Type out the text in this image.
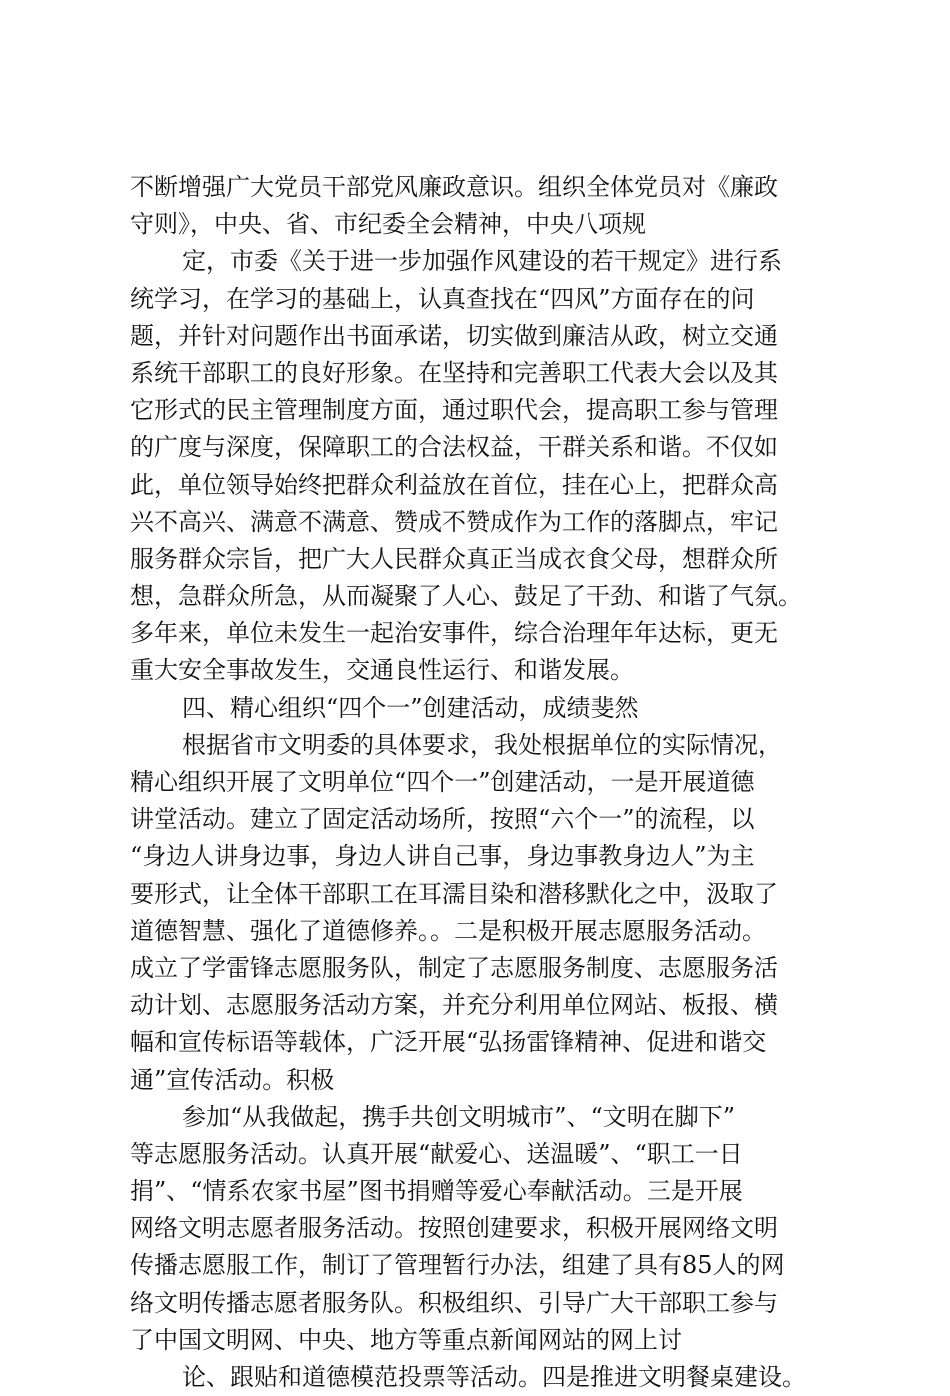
不断增强广大党员干部党风廉政意识。组织全体党员对《廉政
守则》，中央、省、市纪委全会精神，中央八项规
定，市委《关于进一步加强作风建设的若干规定》进行系
统学习，在学习的基础上，认真查找在“四风”方面存在的问
题，并针对问题作出书面承诺，切实做到廉洁从政，树立交通
系统干部职工的良好形象。在坚持和完善职工代表大会以及其
它形式的民主管理制度方面，通过职代会，提高职工参与管理
的广度与深度，保障职工的合法权益，干群关系和谐。不仅如
此，单位领导始终把群众利益放在首位，挂在心上，把群众高
兴不高兴、满意不满意、赞成不赞成作为工作的落脚点，牢记
服务群众宗旨，把广大人民群众真正当成衣食父母，想群众所
想，急群众所急，从而凝聚了人心、鼓足了干劲、和谐了气氛。
多年来，单位未发生一起治安事件，综合治理年年达标，更无
重大安全事故发生，交通良性运行、和谐发展。
四、精心组织“四个一”创建活动，成绩斐然
根据省市文明委的具体要求，我处根据单位的实际情况，
精心组织开展了文明单位“四个一”创建活动，一是开展道德
讲堂活动。建立了固定活动场所，按照“六个一”的流程，以
“身边人讲身边事，身边人讲自己事，身边事教身边人”为主
要形式，让全体干部职工在耳濡目染和潜移默化之中，汲取了
道德智慧、强化了道德修养。。二是积极开展志愿服务活动。
成立了学雷锋志愿服务队，制定了志愿服务制度、志愿服务活
动计划、志愿服务活动方案，并充分利用单位网站、板报、横
幅和宣传标语等载体，广泛开展“弘扬雷锋精神、促进和谐交
通”宣传活动。积极
参加“从我做起，携手共创文明城市”、“文明在脚下”
等志愿服务活动。认真开展“献爱心、送温暖”、“职工一日
捐”、“情系农家书屋”图书捐赠等爱心奉献活动。三是开展
网络文明志愿者服务活动。按照创建要求，积极开展网络文明
传播志愿服工作，制订了管理暂行办法，组建了具有85人的网
络文明传播志愿者服务队。积极组织、引导广大干部职工参与
了中国文明网、中央、地方等重点新闻网站的网上讨
论、跟贴和道德模范投票等活动。四是推进文明餐桌建设。
